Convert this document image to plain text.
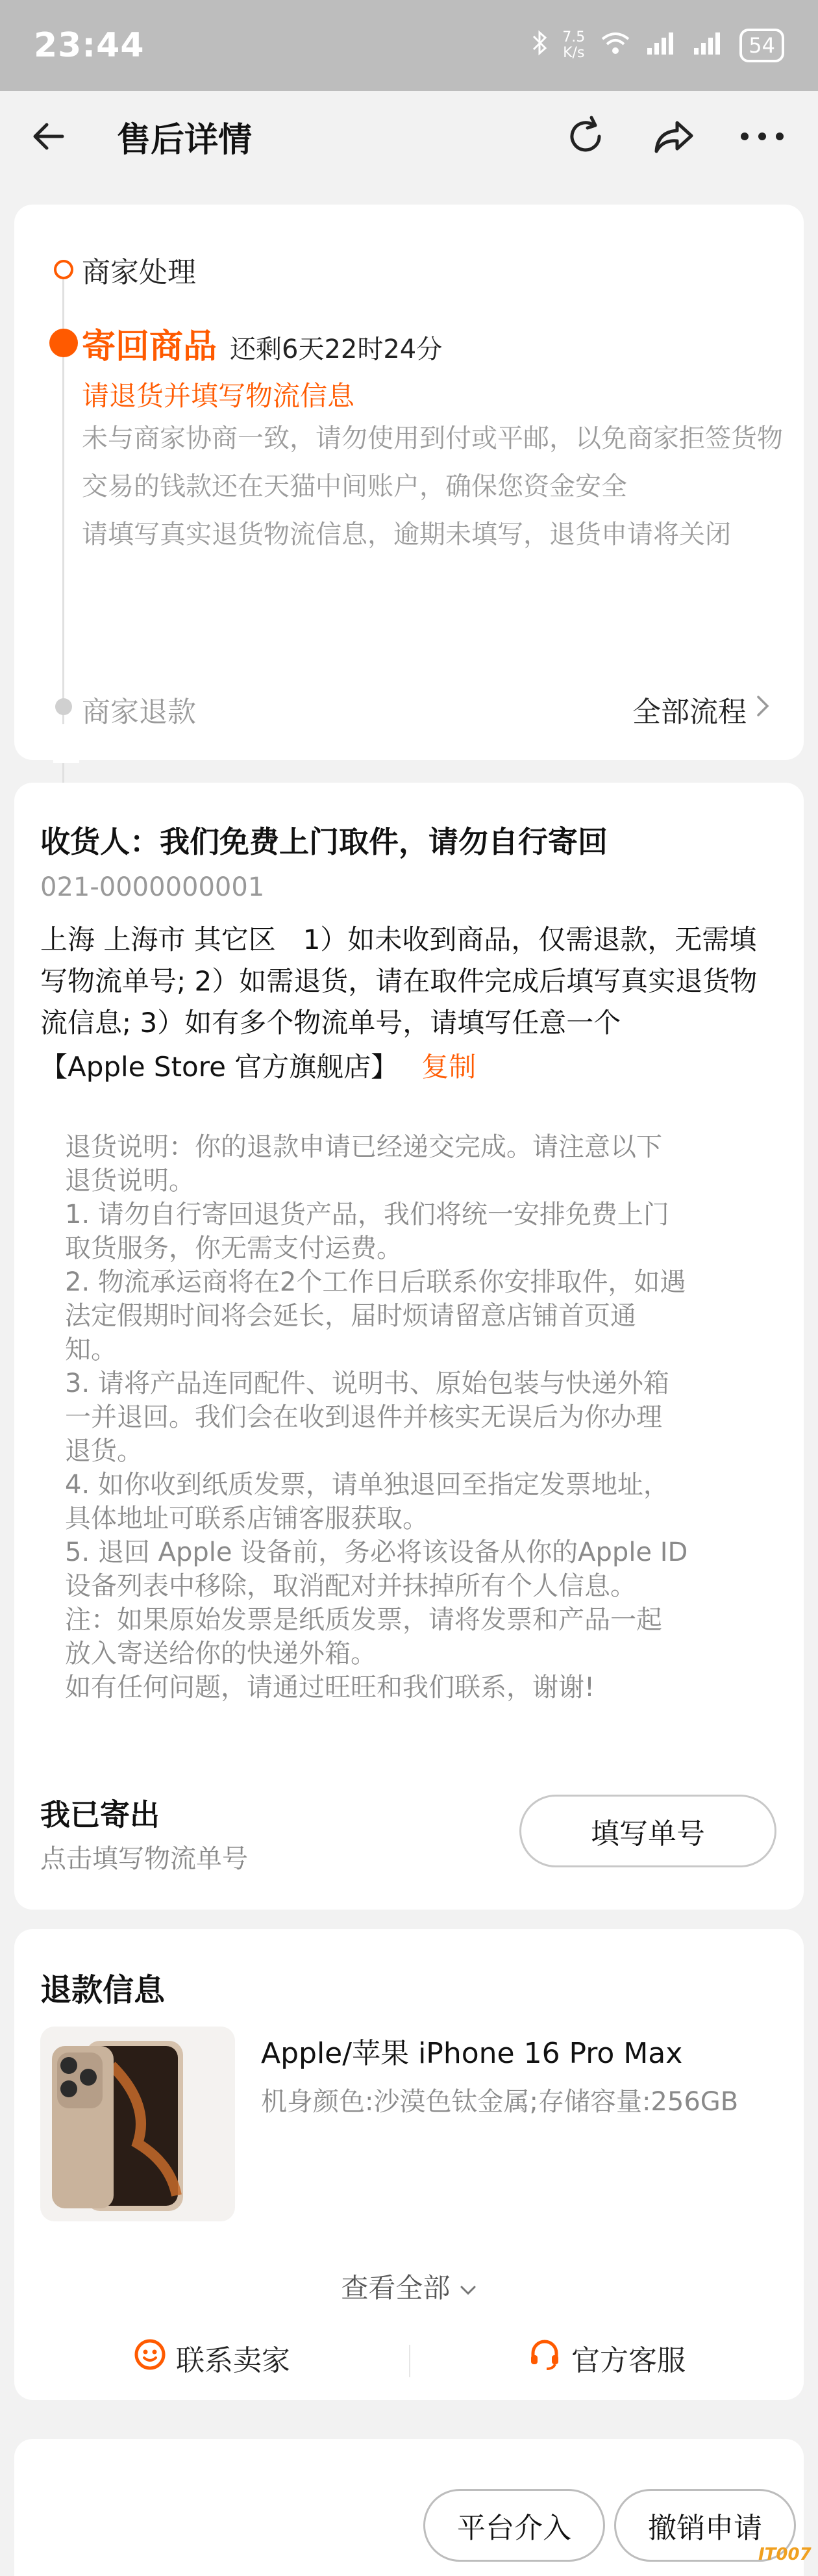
23:44	7.5
K/s	54
售后详情
商家处理
寄回商品 还剩6天22时24分
请退货并填写物流信息
未与商家协商一致，请勿使用到付或平邮，以免商家拒签货物
交易的钱款还在天猫中间账户，确保您资金安全
请填写真实退货物流信息，逾期未填写，退货申请将关闭
商家退款	全部流程
收货人：我们免费上门取件，请勿自行寄回
021-0000000001
上海 上海市 其它区　1）如未收到商品，仅需退款，无需填写物流单号; 2）如需退货，请在取件完成后填写真实退货物流信息; 3）如有多个物流单号，请填写任意一个
【Apple Store 官方旗舰店】 复制
退货说明：你的退款申请已经递交完成。请注意以下
退货说明。
1. 请勿自行寄回退货产品，我们将统一安排免费上门
取货服务，你无需支付运费。
2. 物流承运商将在2个工作日后联系你安排取件，如遇
法定假期时间将会延长，届时烦请留意店铺首页通
知。
3. 请将产品连同配件、说明书、原始包装与快递外箱
一并退回。我们会在收到退件并核实无误后为你办理
退货。
4. 如你收到纸质发票，请单独退回至指定发票地址，
具体地址可联系店铺客服获取。
5. 退回 Apple 设备前，务必将该设备从你的Apple ID
设备列表中移除，取消配对并抹掉所有个人信息。
注：如果原始发票是纸质发票，请将发票和产品一起
放入寄送给你的快递外箱。
如有任何问题，请通过旺旺和我们联系，谢谢!
我已寄出
点击填写物流单号
填写单号
退款信息
Apple/苹果 iPhone 16 Pro Max
机身颜色:沙漠色钛金属;存储容量:256GB
查看全部
联系卖家	官方客服
平台介入	撤销申请
IT007
